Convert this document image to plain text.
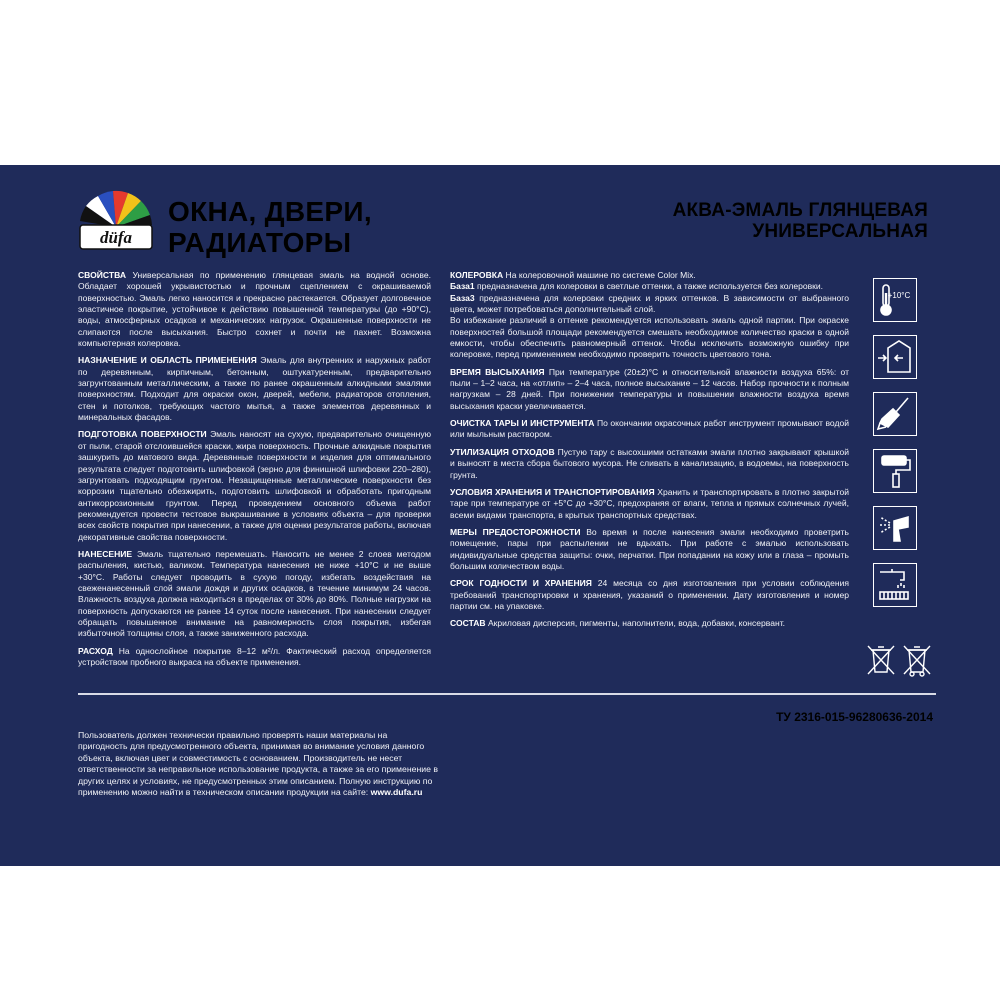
düfa
ОКНА, ДВЕРИ,
РАДИАТОРЫ
АКВА-ЭМАЛЬ ГЛЯНЦЕВАЯ
УНИВЕРСАЛЬНАЯ

СВОЙСТВА Универсальная по применению глянцевая эмаль на водной основе. Обладает хорошей укрывистостью и прочным сцеплением с окрашиваемой поверхностью. Эмаль легко наносится и прекрасно растекается. Образует долговечное эластичное покрытие, устойчивое к действию повышенной температуры (до +90°C), воды, атмосферных осадков и механических нагрузок. Окрашенные поверхности не слипаются после высыхания. Быстро сохнет и почти не пахнет. Возможна компьютерная колеровка.

НАЗНАЧЕНИЕ И ОБЛАСТЬ ПРИМЕНЕНИЯ Эмаль для внутренних и наружных работ по деревянным, кирпичным, бетонным, оштукатуренным, предварительно загрунтованным металлическим, а также по ранее окрашенным алкидными эмалями поверхностям. Подходит для окраски окон, дверей, мебели, радиаторов отопления, стен и потолков, требующих частого мытья, а также элементов деревянных и минеральных фасадов.

ПОДГОТОВКА ПОВЕРХНОСТИ Эмаль наносят на сухую, предварительно очищенную от пыли, старой отслоившейся краски, жира поверхность. Прочные алкидные покрытия зашкурить до матового вида. Деревянные поверхности и изделия для оптимального результата следует подготовить шлифовкой (зерно для финишной шлифовки 220–280), загрунтовать подходящим грунтом. Незащищенные металлические поверхности без коррозии тщательно обезжирить, подготовить шлифовкой и обработать пригодным антикоррозионным грунтом. Перед проведением основного объема работ рекомендуется провести тестовое выкрашивание в условиях объекта – для проверки всех свойств покрытия при нанесении, а также для оценки результатов работы, включая декоративные свойства поверхности.

НАНЕСЕНИЕ Эмаль тщательно перемешать. Наносить не менее 2 слоев методом распыления, кистью, валиком. Температура нанесения не ниже +10°C и не выше +30°C. Работы следует проводить в сухую погоду, избегать воздействия на свеженанесенный слой эмали дождя и других осадков, в течение минимум 24 часов. Влажность воздуха должна находиться в пределах от 30% до 80%. Полные нагрузки на поверхность допускаются не ранее 14 суток после нанесения. При нанесении следует обращать повышенное внимание на равномерность слоя покрытия, избегая избыточной толщины слоя, а также заниженного расхода.

РАСХОД На однослойное покрытие 8–12 м²/л. Фактический расход определяется устройством пробного выкраса на объекте применения.

КОЛЕРОВКА На колеровочной машине по системе Color Mix.

База1 предназначена для колеровки в светлые оттенки, а также используется без колеровки.

База3 предназначена для колеровки средних и ярких оттенков. В зависимости от выбранного цвета, может потребоваться дополнительный слой.

Во избежание различий в оттенке рекомендуется использовать эмаль одной партии. При окраске поверхностей большой площади рекомендуется смешать необходимое количество краски в одной емкости, чтобы обеспечить равномерный оттенок. Чтобы исключить возможную ошибку при колеровке, перед применением необходимо проверить точность цветового тона.

ВРЕМЯ ВЫСЫХАНИЯ При температуре (20±2)°С и относительной влажности воздуха 65%: от пыли – 1–2 часа, на «отлип» – 2–4 часа, полное высыхание – 12 часов. Набор прочности к полным нагрузкам – 28 дней. При понижении температуры и повышении влажности воздуха время высыхания краски увеличивается.

ОЧИСТКА ТАРЫ И ИНСТРУМЕНТА По окончании окрасочных работ инструмент промывают водой или мыльным раствором.

УТИЛИЗАЦИЯ ОТХОДОВ Пустую тару с высохшими остатками эмали плотно закрывают крышкой и выносят в места сбора бытового мусора. Не сливать в канализацию, в водоемы, на поверхность грунта.

УСЛОВИЯ ХРАНЕНИЯ И ТРАНСПОРТИРОВАНИЯ Хранить и транспортировать в плотно закрытой таре при температуре от +5°С до +30°С, предохраняя от влаги, тепла и прямых солнечных лучей, всеми видами транспорта, в крытых транспортных средствах.

МЕРЫ ПРЕДОСТОРОЖНОСТИ Во время и после нанесения эмали необходимо проветрить помещение, пары при распылении не вдыхать. При работе с эмалью использовать индивидуальные средства защиты: очки, перчатки. При попадании на кожу или в глаза – промыть большим количеством воды.

СРОК ГОДНОСТИ И ХРАНЕНИЯ 24 месяца со дня изготовления при условии соблюдения требований транспортировки и хранения, указаний о применении. Дату изготовления и номер партии см. на упаковке.

СОСТАВ Акриловая дисперсия, пигменты, наполнители, вода, добавки, консервант.

+10°C
ТУ 2316-015-96280636-2014
Пользователь должен технически правильно проверять наши материалы на пригодность для предусмотренного объекта, принимая во внимание условия данного объекта, включая цвет и совместимость с основанием. Производитель не несет ответственности за неправильное использование продукта, а также за его применение в других целях и условиях, не предусмотренных этим описанием. Полную инструкцию по применению можно найти в техническом описании продукции на сайте: www.dufa.ru
